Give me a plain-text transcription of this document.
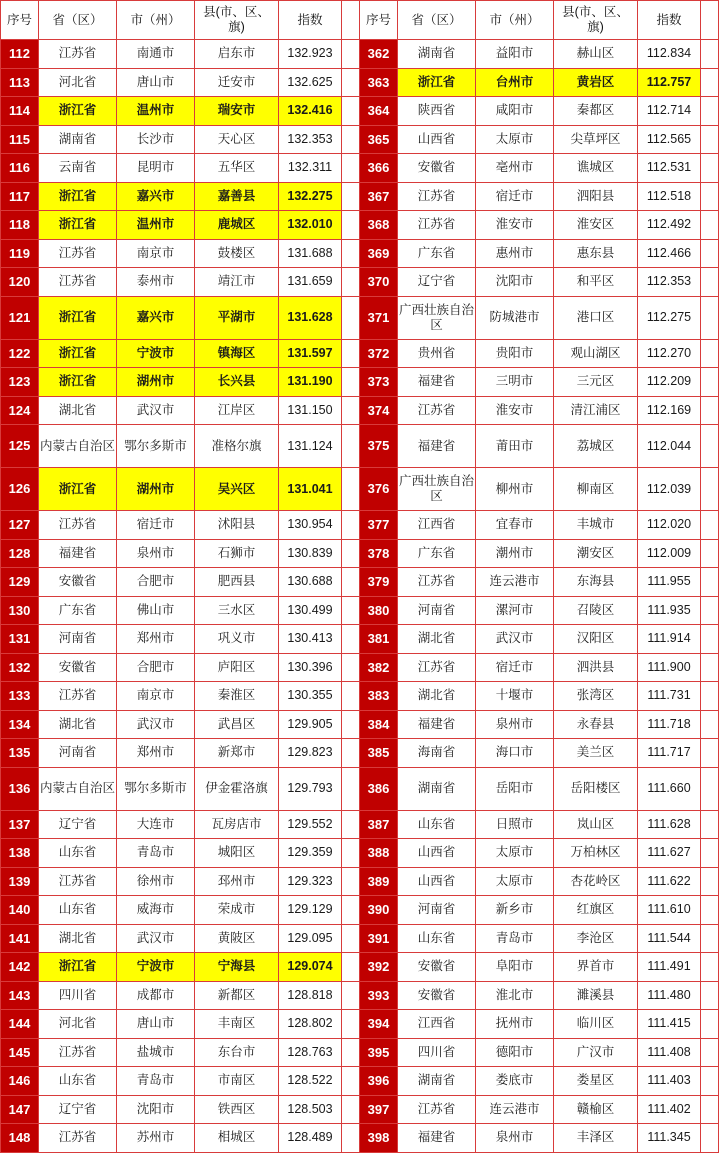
序号	省（区）	市（州）	县(市、区、旗)	指数		序号	省（区）	市（州）	县(市、区、旗)	指数	
112	江苏省	南通市	启东市	132.923		362	湖南省	益阳市	赫山区	112.834	
113	河北省	唐山市	迁安市	132.625		363	浙江省	台州市	黄岩区	112.757	
114	浙江省	温州市	瑞安市	132.416		364	陕西省	咸阳市	秦都区	112.714	
115	湖南省	长沙市	天心区	132.353		365	山西省	太原市	尖草坪区	112.565	
116	云南省	昆明市	五华区	132.311		366	安徽省	亳州市	谯城区	112.531	
117	浙江省	嘉兴市	嘉善县	132.275		367	江苏省	宿迁市	泗阳县	112.518	
118	浙江省	温州市	鹿城区	132.010		368	江苏省	淮安市	淮安区	112.492	
119	江苏省	南京市	鼓楼区	131.688		369	广东省	惠州市	惠东县	112.466	
120	江苏省	泰州市	靖江市	131.659		370	辽宁省	沈阳市	和平区	112.353	
121	浙江省	嘉兴市	平湖市	131.628		371	广西壮族自治区	防城港市	港口区	112.275	
122	浙江省	宁波市	镇海区	131.597		372	贵州省	贵阳市	观山湖区	112.270	
123	浙江省	湖州市	长兴县	131.190		373	福建省	三明市	三元区	112.209	
124	湖北省	武汉市	江岸区	131.150		374	江苏省	淮安市	清江浦区	112.169	
125	内蒙古自治区	鄂尔多斯市	准格尔旗	131.124		375	福建省	莆田市	荔城区	112.044	
126	浙江省	湖州市	吴兴区	131.041		376	广西壮族自治区	柳州市	柳南区	112.039	
127	江苏省	宿迁市	沭阳县	130.954		377	江西省	宜春市	丰城市	112.020	
128	福建省	泉州市	石狮市	130.839		378	广东省	潮州市	潮安区	112.009	
129	安徽省	合肥市	肥西县	130.688		379	江苏省	连云港市	东海县	111.955	
130	广东省	佛山市	三水区	130.499		380	河南省	漯河市	召陵区	111.935	
131	河南省	郑州市	巩义市	130.413		381	湖北省	武汉市	汉阳区	111.914	
132	安徽省	合肥市	庐阳区	130.396		382	江苏省	宿迁市	泗洪县	111.900	
133	江苏省	南京市	秦淮区	130.355		383	湖北省	十堰市	张湾区	111.731	
134	湖北省	武汉市	武昌区	129.905		384	福建省	泉州市	永春县	111.718	
135	河南省	郑州市	新郑市	129.823		385	海南省	海口市	美兰区	111.717	
136	内蒙古自治区	鄂尔多斯市	伊金霍洛旗	129.793		386	湖南省	岳阳市	岳阳楼区	111.660	
137	辽宁省	大连市	瓦房店市	129.552		387	山东省	日照市	岚山区	111.628	
138	山东省	青岛市	城阳区	129.359		388	山西省	太原市	万柏林区	111.627	
139	江苏省	徐州市	邳州市	129.323		389	山西省	太原市	杏花岭区	111.622	
140	山东省	威海市	荣成市	129.129		390	河南省	新乡市	红旗区	111.610	
141	湖北省	武汉市	黄陂区	129.095		391	山东省	青岛市	李沧区	111.544	
142	浙江省	宁波市	宁海县	129.074		392	安徽省	阜阳市	界首市	111.491	
143	四川省	成都市	新都区	128.818		393	安徽省	淮北市	濉溪县	111.480	
144	河北省	唐山市	丰南区	128.802		394	江西省	抚州市	临川区	111.415	
145	江苏省	盐城市	东台市	128.763		395	四川省	德阳市	广汉市	111.408	
146	山东省	青岛市	市南区	128.522		396	湖南省	娄底市	娄星区	111.403	
147	辽宁省	沈阳市	铁西区	128.503		397	江苏省	连云港市	赣榆区	111.402	
148	江苏省	苏州市	相城区	128.489		398	福建省	泉州市	丰泽区	111.345	
